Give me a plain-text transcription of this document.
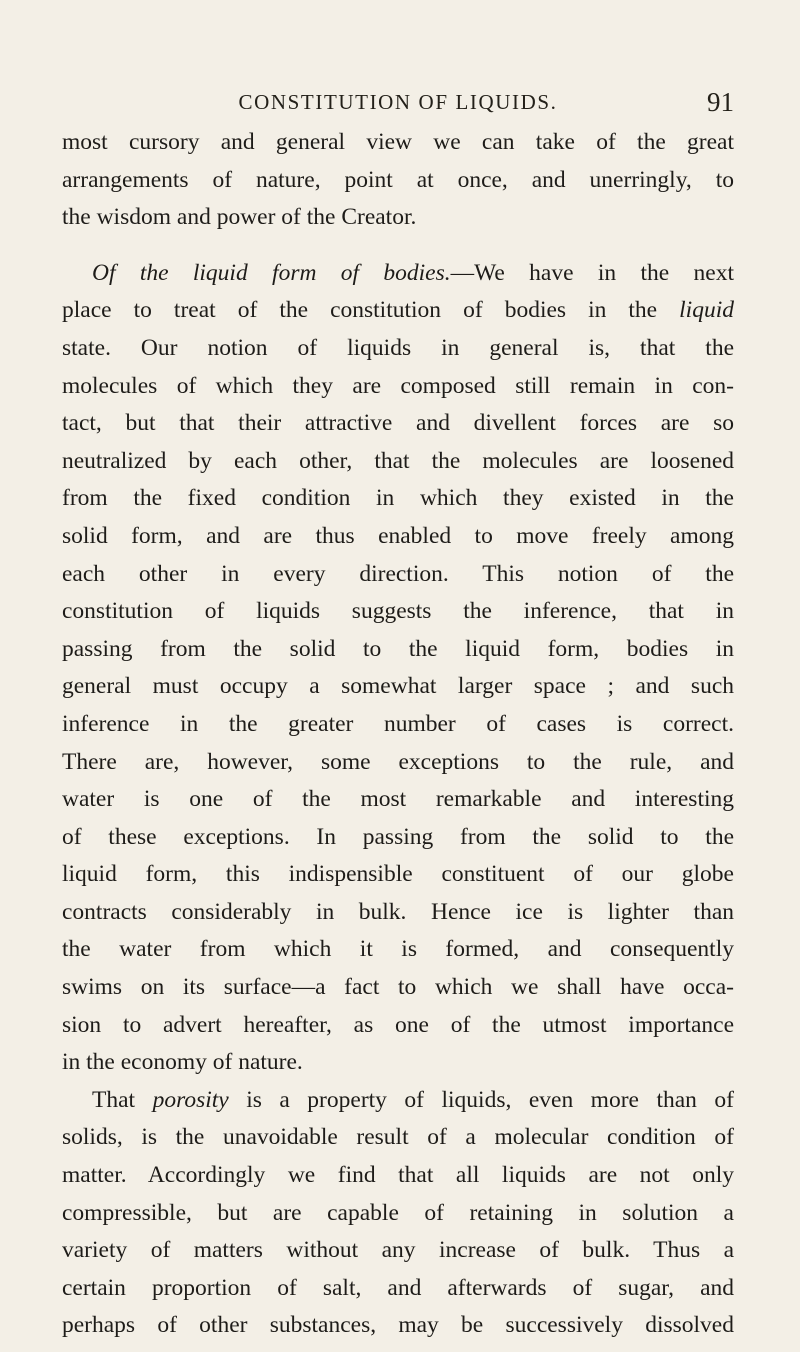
CONSTITUTION OF LIQUIDS.	91
most cursory and general view we can take of the great
arrangements of nature, point at once, and unerringly, to
the wisdom and power of the Creator.
Of the liquid form of bodies.—We have in the next
place to treat of the constitution of bodies in the liquid
state. Our notion of liquids in general is, that the
molecules of which they are composed still remain in con-
tact, but that their attractive and divellent forces are so
neutralized by each other, that the molecules are loosened
from the fixed condition in which they existed in the
solid form, and are thus enabled to move freely among
each other in every direction. This notion of the
constitution of liquids suggests the inference, that in
passing from the solid to the liquid form, bodies in
general must occupy a somewhat larger space ; and such
inference in the greater number of cases is correct.
There are, however, some exceptions to the rule, and
water is one of the most remarkable and interesting
of these exceptions. In passing from the solid to the
liquid form, this indispensible constituent of our globe
contracts considerably in bulk. Hence ice is lighter than
the water from which it is formed, and consequently
swims on its surface—a fact to which we shall have occa-
sion to advert hereafter, as one of the utmost importance
in the economy of nature.
That porosity is a property of liquids, even more than of
solids, is the unavoidable result of a molecular condition of
matter. Accordingly we find that all liquids are not only
compressible, but are capable of retaining in solution a
variety of matters without any increase of bulk. Thus a
certain proportion of salt, and afterwards of sugar, and
perhaps of other substances, may be successively dissolved
